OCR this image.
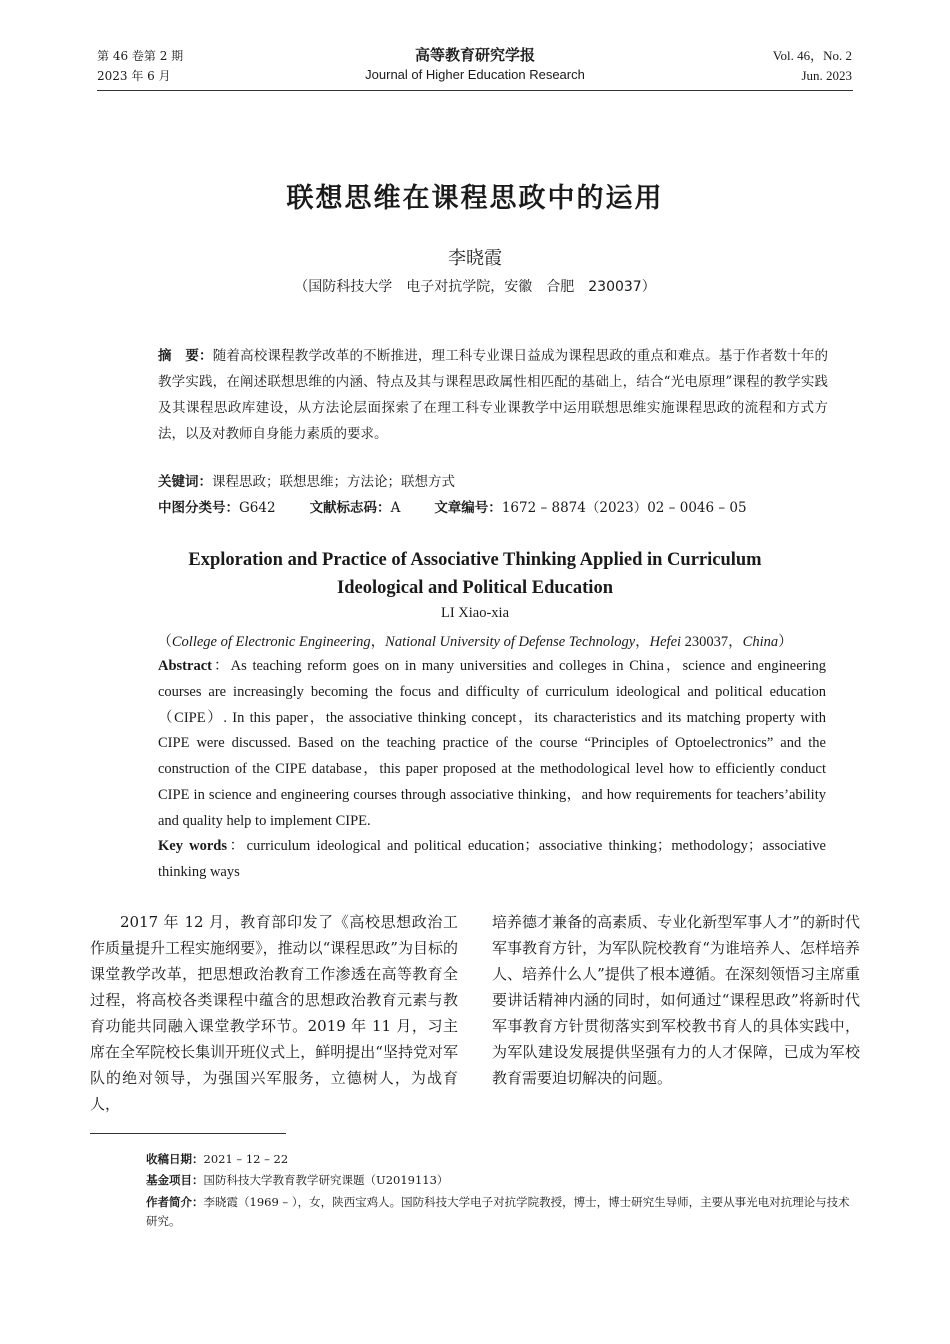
第 46 卷第 2 期
2023 年 6 月
高等教育研究学报
Journal of Higher Education Research
Vol. 46，No. 2
Jun. 2023
联想思维在课程思政中的运用
李晓霞
（国防科技大学　电子对抗学院，安徽　合肥　230037）
摘　要：随着高校课程教学改革的不断推进，理工科专业课日益成为课程思政的重点和难点。基于作者数十年的教学实践，在阐述联想思维的内涵、特点及其与课程思政属性相匹配的基础上，结合“光电原理”课程的教学实践及其课程思政库建设，从方法论层面探索了在理工科专业课教学中运用联想思维实施课程思政的流程和方式方法，以及对教师自身能力素质的要求。
关键词：课程思政；联想思维；方法论；联想方式
中图分类号：G642	文献标志码：A	文章编号：1672 – 8874（2023）02 – 0046 – 05
Exploration and Practice of Associative Thinking Applied in Curriculum
Ideological and Political Education
LI Xiao-xia
（College of Electronic Engineering，National University of Defense Technology，Hefei 230037，China）
Abstract：As teaching reform goes on in many universities and colleges in China，science and engineering courses are increasingly becoming the focus and difficulty of curriculum ideological and political education（CIPE）. In this paper，the associative thinking concept，its characteristics and its matching property with CIPE were discussed. Based on the teaching practice of the course “Principles of Optoelectronics” and the construction of the CIPE database，this paper proposed at the methodological level how to efficiently conduct CIPE in science and engineering courses through associative thinking，and how requirements for teachers’ability and quality help to implement CIPE.
Key words：curriculum ideological and political education；associative thinking；methodology；associative thinking ways
2017 年 12 月，教育部印发了《高校思想政治工作质量提升工程实施纲要》，推动以“课程思政”为目标的课堂教学改革，把思想政治教育工作渗透在高等教育全过程，将高校各类课程中蕴含的思想政治教育元素与教育功能共同融入课堂教学环节。2019 年 11 月，习主席在全军院校长集训开班仪式上，鲜明提出“坚持党对军队的绝对领导，为强国兴军服务，立德树人，为战育人，
培养德才兼备的高素质、专业化新型军事人才”的新时代军事教育方针，为军队院校教育“为谁培养人、怎样培养人、培养什么人”提供了根本遵循。在深刻领悟习主席重要讲话精神内涵的同时，如何通过“课程思政”将新时代军事教育方针贯彻落实到军校教书育人的具体实践中，为军队建设发展提供坚强有力的人才保障，已成为军校教育需要迫切解决的问题。
收稿日期：2021 – 12 – 22
基金项目：国防科技大学教育教学研究课题（U2019113）
作者简介：李晓霞（1969 – ），女，陕西宝鸡人。国防科技大学电子对抗学院教授，博士，博士研究生导师，主要从事光电对抗理论与技术研究。
